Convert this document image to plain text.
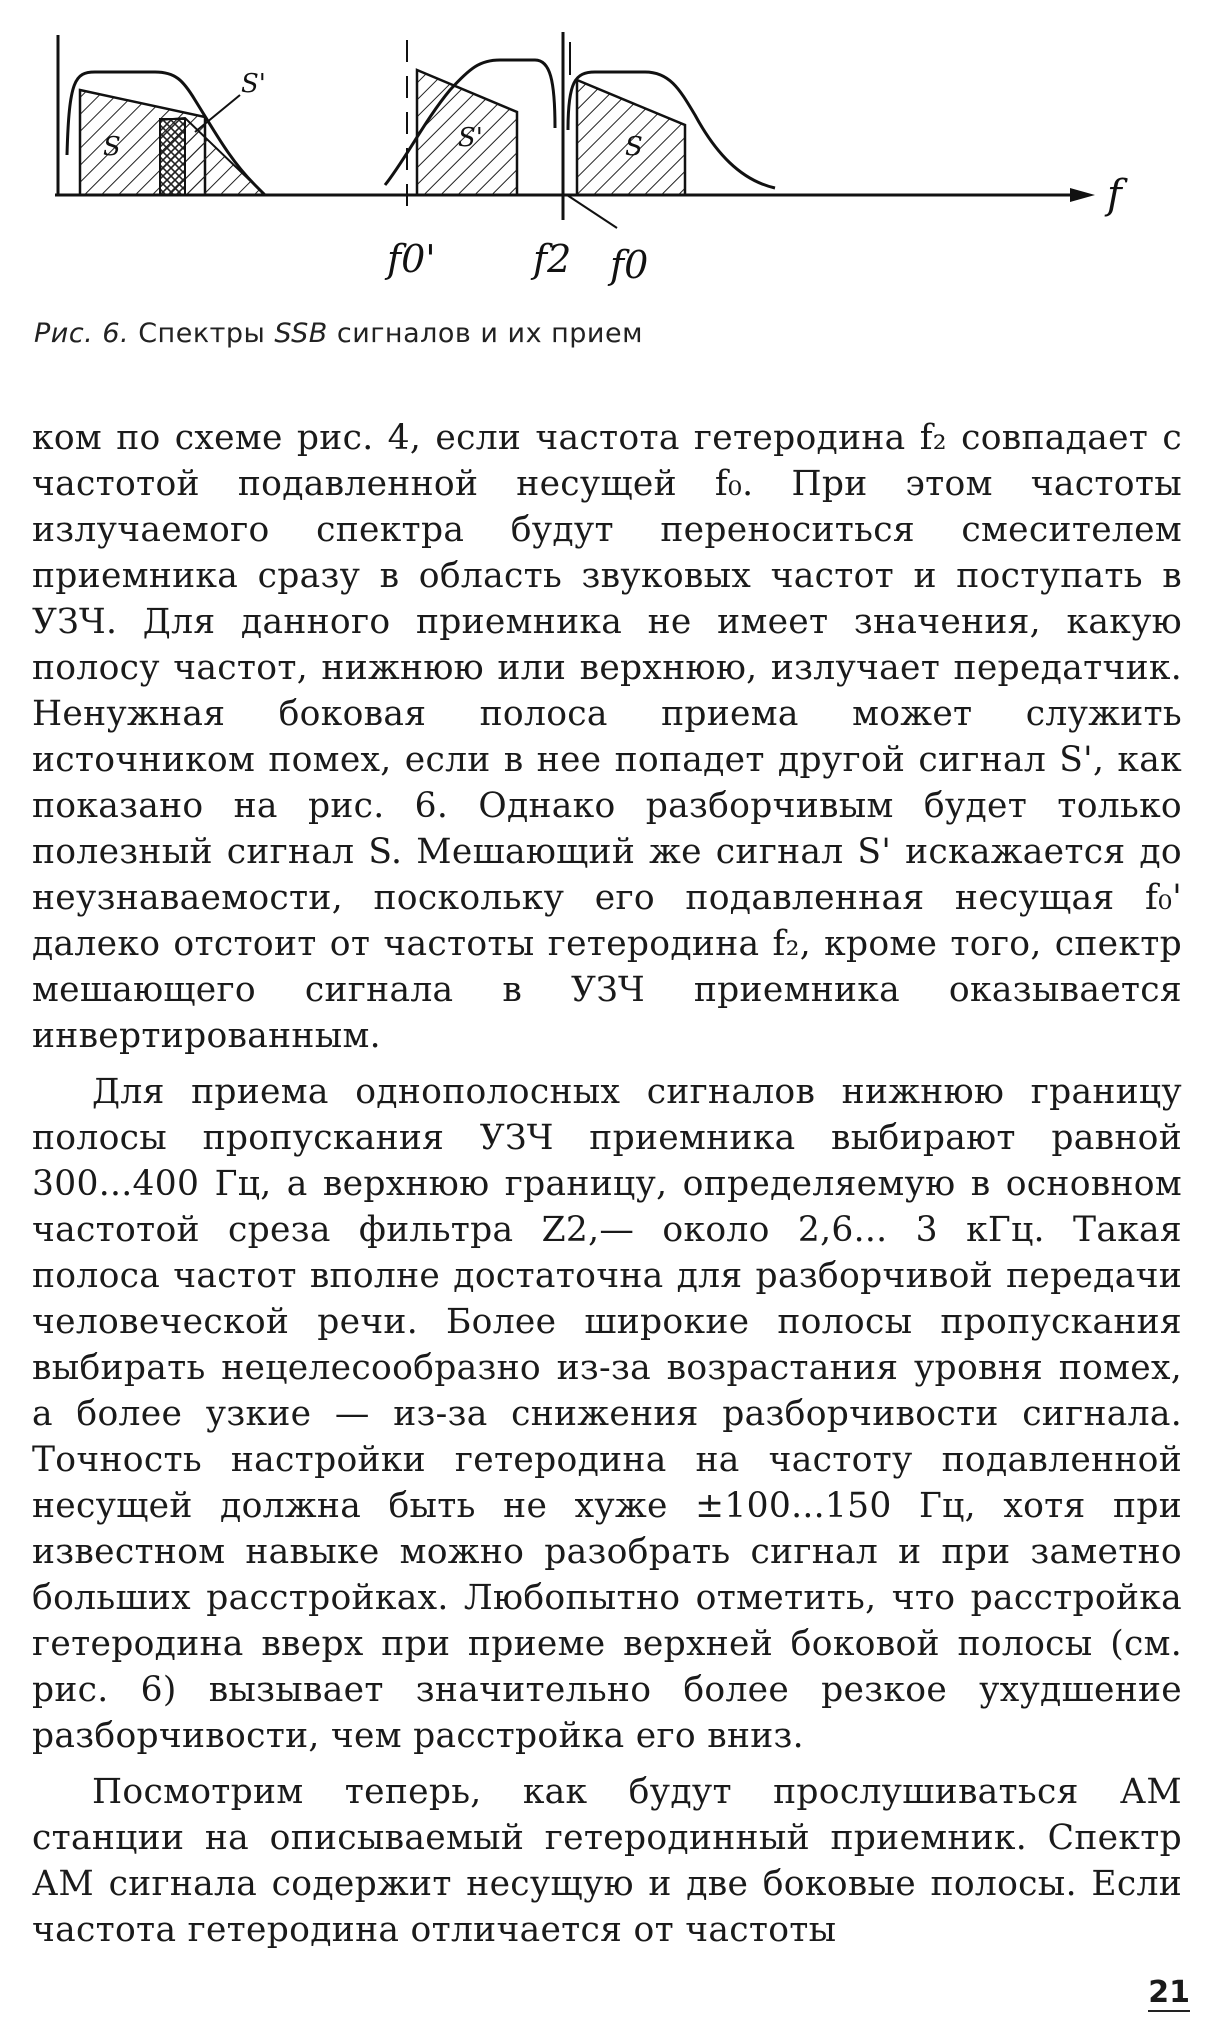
S
S'
S'	S
f
f0'	f2 f0
Рис. 6. Спектры SSB сигналов и их прием

ком по схеме рис. 4, если частота гетеродина f₂ совпадает с частотой подавленной несущей f₀. При этом частоты излучаемого спектра будут переноситься смесителем приемника сразу в область звуковых частот и поступать в УЗЧ. Для данного приемника не имеет значения, какую полосу частот, нижнюю или верхнюю, излучает передатчик. Ненужная боковая полоса приема может служить источником помех, если в нее попадет другой сигнал S', как показано на рис. 6. Однако разборчивым будет только полезный сигнал S. Мешающий же сигнал S' искажается до неузнаваемости, поскольку его подавленная несущая f₀' далеко отстоит от частоты гетеродина f₂, кроме того, спектр мешающего сигнала в УЗЧ приемника оказывается инвертированным.

Для приема однополосных сигналов нижнюю границу полосы пропускания УЗЧ приемника выбирают равной 300...400 Гц, а верхнюю границу, определяемую в основном частотой среза фильтра Z2,— около 2,6... 3 кГц. Такая полоса частот вполне достаточна для разборчивой передачи человеческой речи. Более широкие полосы пропускания выбирать нецелесообразно из-за возрастания уровня помех, а более узкие — из-за снижения разборчивости сигнала. Точность настройки гетеродина на частоту подавленной несущей должна быть не хуже ±100...150 Гц, хотя при известном навыке можно разобрать сигнал и при заметно больших расстройках. Любопытно отметить, что расстройка гетеродина вверх при приеме верхней боковой полосы (см. рис. 6) вызывает значительно более резкое ухудшение разборчивости, чем расстройка его вниз.

Посмотрим теперь, как будут прослушиваться АМ станции на описываемый гетеродинный приемник. Спектр АМ сигнала содержит несущую и две боковые полосы. Если частота гетеродина отличается от частоты

21
